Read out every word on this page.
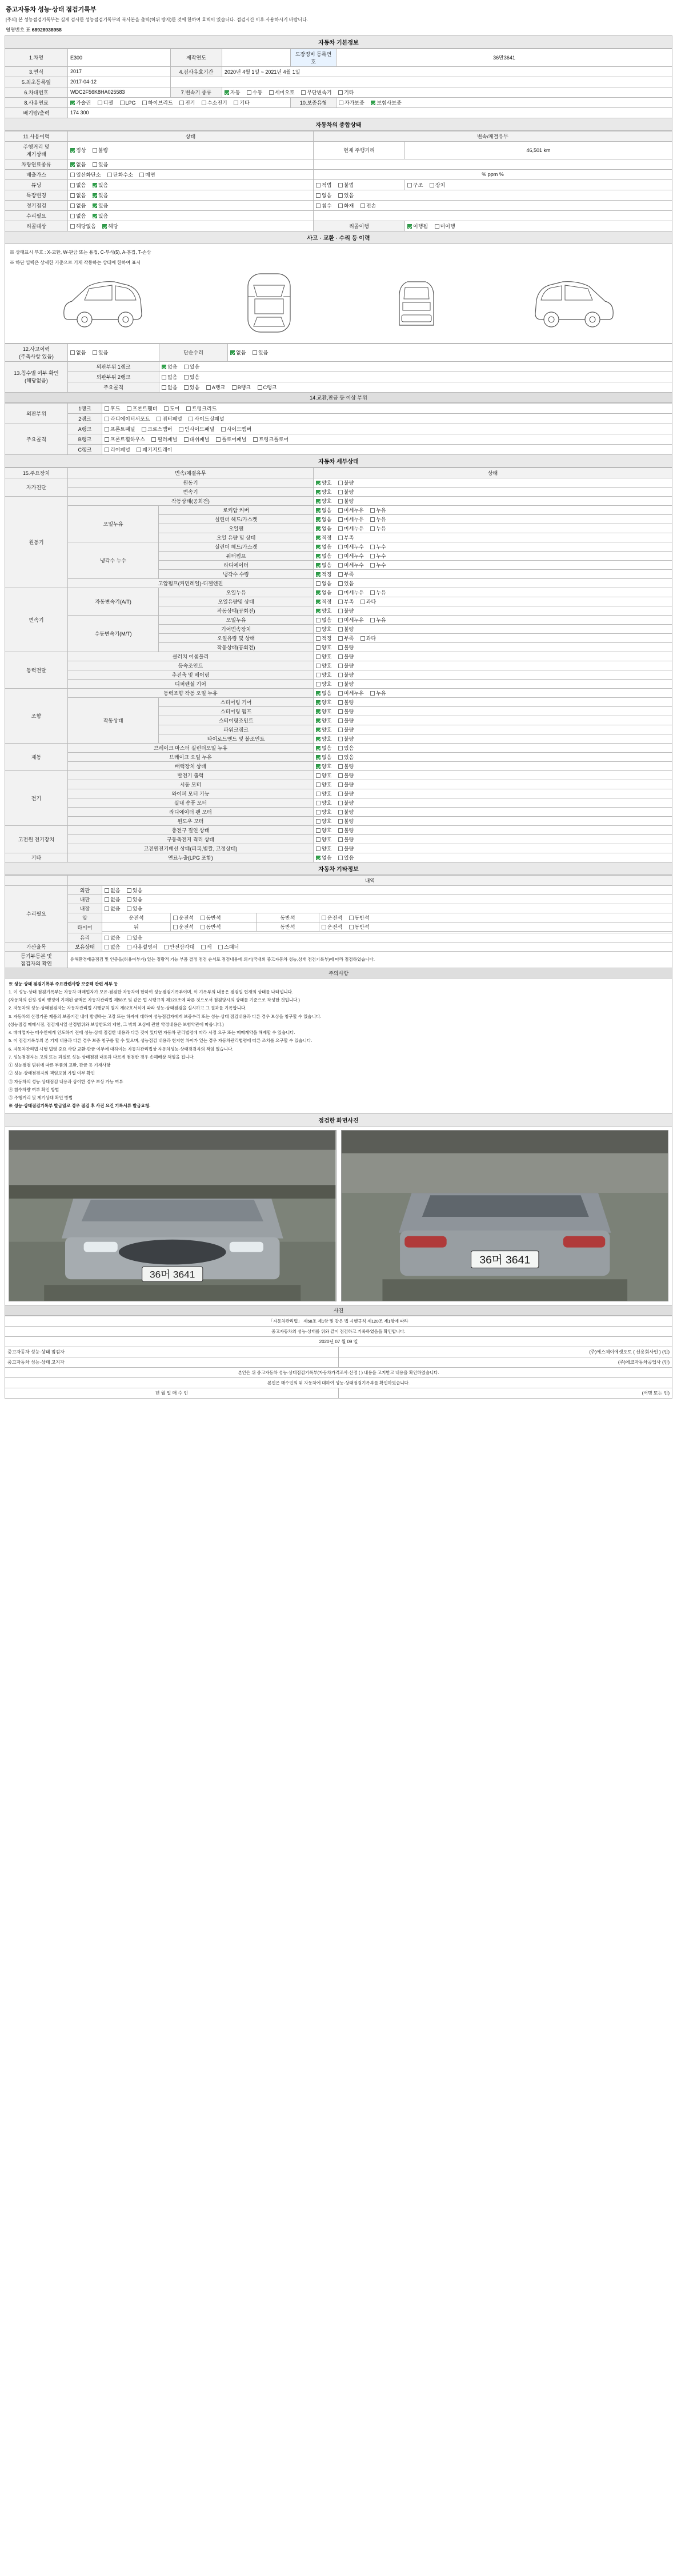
중고자동차 성능·상태 점검기록부
[주의] 본 성능점검기록부는 실제 검사한 성능점검기록부의 복사본을 출력(허위 방지)한 것에 한하여 효력이 있습니다. 점검시간 이후 사용하시기 바랍니다.
영명번호 표 68928938958
자동차 기본정보
1.차명	E300	제작연도		도장정비 등록번호	36만3641
3.연식	2017	4.검사유효기간	2020년 4월 1일 ~ 2021년 4월 1일		
5.최초등록일	2017-04-12				
6.차대번호	WDC2F56K8HA025583	7.변속기 종류	자동 수동 세미오토 무단변속기 기타		
8.사용연료	가솔린 디젤 LPG 하이브리드 전기 수소전기 기타			10.보증유형	자가보증 보험사보증
배기량/출력	174 300				
자동차의 종합상태
11.사용이력	상태	변속/체결유무	
주행거리 및
계기상태	정상 불량	현재 주행거리	46,501 km
차량연료종류	없음 있음		
배출가스	일산화탄소 탄화수소 매연	% ppm %	
튜닝	없음 있음	적법 불법	구조 장치
특장변경	없음 있음	없음 있음	
정기점검	없음 있음	침수 화재 전손	
수리필요	없음 있음		
리콜대상	해당없음 해당	리콜이행	이행됨 미이행
사고 · 교환 · 수리 등 이력
※ 상태표시 부호 : X-교환, W-판금 또는 용접, C-부식(5), A-흠집, T-손상
※ 하단 입력은 상세한 기준으로 기재 작동하는 상태에 한하여 표시
12.사고이력
(주축사항 있음)	없음 있음	단순수리	없음 있음
13.침수별 여부 확인
(해당없음)	외판부위 1랭크	없음 있음	
	외판부위 2랭크	없음 있음	
	주요골격	없음 있음 A랭크 B랭크 C랭크	
14.교환,판금 등 이상 부위
외판부위	1랭크	후드 프론트휀더 도어 트렁크리드
	2랭크	라디에이터서포트 쿼터패널 사이드실패널
주요골격	A랭크	프론트패널 크로스멤버 인사이드패널 사이드멤버
	B랭크	프론트휠하우스 필러패널 대쉬패널 플로어패널 트렁크플로어
	C랭크	리어패널 패키지트레이
자동차 세부상태
15.주요장치	변속/체결유무		상태
자가진단	원동기		양호 불량
	변속기		양호 불량
원동기	작동상태(공회전)		양호 불량
	오일누유	로커암 커버	없음 미세누유 누유
		실린더 헤드/가스켓	없음 미세누유 누유
		오일팬	없음 미세누유 누유
		오일 유량 및 상태	적정 부족
	냉각수 누수	실린더 헤드/가스켓	없음 미세누수 누수
		워터펌프	없음 미세누수 누수
		라디에이터	없음 미세누수 누수
		냉각수 수량	적정 부족
	고압펌프(커먼레일)-디젤엔진		없음 있음
변속기	자동변속기(A/T)	오일누유	없음 미세누유 누유
		오일유량및 상태	적정 부족 과다
		작동상태(공회전)	양호 불량
	수동변속기(M/T)	오일누유	없음 미세누유 누유
		기어변속장치	양호 불량
		오일유량 및 상태	적정 부족 과다
		작동상태(공회전)	양호 불량
동력전달	클러치 어셈블리		양호 불량
	등속조인트		양호 불량
	추진축 및 베어링		양호 불량
	디퍼렌셜 기어		양호 불량
조향	동력조향 작동 오일 누유		없음 미세누유 누유
	작동상태	스티어링 기어	양호 불량
		스티어링 펌프	양호 불량
		스티어링조인트	양호 불량
		파워크랭크	양호 불량
		타이로드엔드 및 볼조인트	양호 불량
제동	브레이크 마스터 실린더오일 누유		없음 있음
	브레이크 오일 누유		없음 있음
	배력장치 상태		양호 불량
전기	발전기 출력		양호 불량
	시동 모터		양호 불량
	와이퍼 모터 기능		양호 불량
	실내 송풍 모터		양호 불량
	라디에이터 팬 모터		양호 불량
	윈도우 모터		양호 불량
고전원 전기장치	충전구 절연 상태		양호 불량
	구동축전지 격리 상태		양호 불량
	고전원전기배선 상태(피복,빛깔, 고정상태)		양호 불량
기타	연료누출(LPG 포함)		없음 있음
자동차 기타정보
	내역				
수리필요	외판	없음 있음			
	내판	없음 있음			
	내장	없음 있음			
	앞	운전석	운전석 동반석	동반석	운전석 동반석
	타이어	뒤	운전석 동반석	동반석	운전석 동반석

	유리	없음 있음			
가산율목	보유상태	없음 사용설명서 안전삼각대 잭 스패너			
등기부등본 및
점검자의 확인	유해환경배출점검 및 인증을(허용여부가) 있는 정량적 기능 부품 결정 점검 순서로 점검내용에 의거(국내외 중고자동차 성능,상태 점검기록부)에 따라 점검하였습니다.				
주의사항

※ 성능·상태 점검기록부 주요관련사항 보증해 관련 세부 등

1. 이 성능·상태 점검기록부는 자동차 매매업자가 보유·점검한 자동차에 한하여 성능점검기록부이며, 이 기록부의 내용은 점검일 현재의 상태를 나타냅니다.

(자동차의 선정·정비 행정에 기재된 금액은 자동차관리법 제58조 및 같은 법 시행규칙 제120조에 따른 것으로서 점검당시의 상태를 기준으로 작성한 것입니다.)

2. 자동차의 성능·상태점검자는 자동차관리법 시행규칙 별지 제82호서식에 따라 성능·상태점검을 실시하고 그 결과를 기록합니다.

3. 자동차의 산정기준 제품의 보증기간 내에 발생하는 고장 또는 하자에 대하여 성능점검자에게 보증수리 또는 성능·상태 점검내용과 다른 경우 보상을 청구할 수 있습니다.

(성능점검 매매시점, 점검개시일 산정범위와 보상한도의 제한, 그 밖의 보상에 관한 약정내용은 보험약관에 따릅니다.)

4. 매매업자는 매수인에게 인도하기 전에 성능·상태 점검한 내용과 다른 것이 있다면 자동차 관리법령에 따라 시정 요구 또는 매매계약을 해제할 수 있습니다.

5. 이 점검기록부의 본 기재 내용과 다른 경우 보증 청구를 할 수 있으며, 성능점검 내용과 현저한 차이가 있는 경우 자동차관리법령에 따른 조치를 요구할 수 있습니다.

6. 자동차관리법 시행 법령 중요 사항 교환·판금 여부에 대하여는 자동차관리법상 자동차성능·상태점검자의 책임 있습니다.

7. 성능점검자는 고의 또는 과실로 성능·상태점검 내용과 다르게 점검한 경우 손해배상 책임을 집니다.

① 성능점검 범위에 따른 부품의 교환, 판금 등 기재사항

② 성능·상태점검자의 책임보험 가입 여부 확인

③ 자동차의 성능·상태점검 내용과 상이한 경우 보상 가능 여부

④ 침수차량 여부 확인 방법

⑤ 주행거리 및 계기상태 확인 방법

※ 성능·상태점검기록부 발급일로 경우 점검 후 사진 요건 기록서류 발급요청.

점검한 화면사진
36머 3641
36머 3641
사진
「자동차관리법」 제58조 제1항 및 같은 법 시행규칙 제120조 제1항에 따라	
중고자동차의 성능·상태를 위와 같이 점검하고 기록하였음을 확인합니다.	
2020년 07 월 09 일	
중고자동차 성능·상태 점검자	(주)에스제이에셋오토 ( 신용회사인 ) (인)
중고자동차 성능·상태 고지자	(주)에코자동차공업사 (인)
본인은 위 중고자동차 성능·상태점검기록부(자동차가격조사·산정 ( ) 내용을 고지받고 내용을 확인하였습니다.	
본인은 매수인의 위 자동차에 대하여 성능·상태점검기록부를 확인하였습니다.	
년 월 일 매 수 인	(서명 또는 인)
